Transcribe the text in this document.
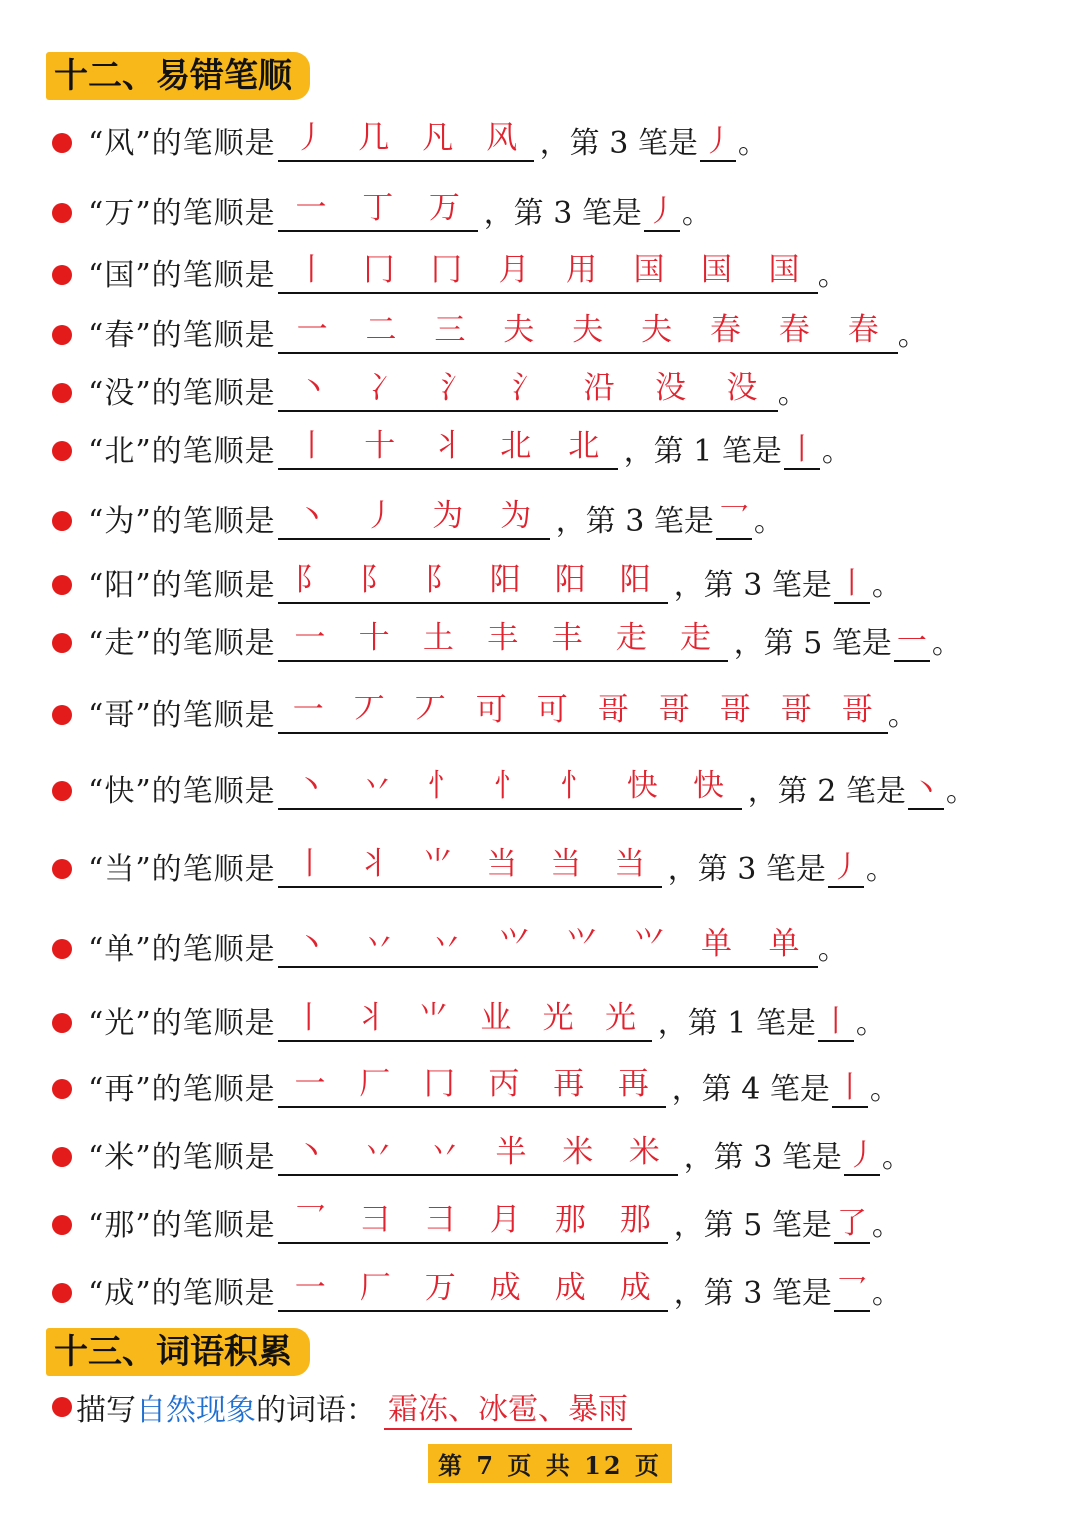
十二、易错笔顺
“风”的笔顺是 丿	几	凡	风 ，第 3 笔是 丿 。
“万”的笔顺是 一	丁	万 ，第 3 笔是 丿 。
“国”的笔顺是 丨	冂	冂	月	用	国	国	国 。
“春”的笔顺是 一	二	三	夫	夫	夫	春	春	春 。
“没”的笔顺是 丶	冫	氵	氵	沿	没	没 。
“北”的笔顺是 丨	十	丬	北	北 ，第 1 笔是 丨 。
“为”的笔顺是 丶	丿	为	为 ，第 3 笔是 乛 。
“阳”的笔顺是 阝	阝	阝	阳	阳	阳 ，第 3 笔是 丨 。
“走”的笔顺是 一	十	土	丰	丰	走	走 ，第 5 笔是 一 。
“哥”的笔顺是 一 丆 丆 可 可 哥 哥 哥 哥 哥 。
“快”的笔顺是 丶	丷	忄	忄	忄	快	快 ，第 2 笔是 丶 。
“当”的笔顺是 丨	丬	⺌	当	当	当 ，第 3 笔是 丿 。
“单”的笔顺是 丶	丷	丷	⺍	⺍	⺍	单	单 。
“光”的笔顺是 丨	丬	⺌	业	光	光 ，第 1 笔是 丨 。
“再”的笔顺是 一	厂	冂	丙	再	再 ，第 4 笔是 丨 。
“米”的笔顺是 丶	丷	丷	半	米	米 ，第 3 笔是 丿 。
“那”的笔顺是 乛	彐	彐	月	那	那 ，第 5 笔是 了 。
“成”的笔顺是 一	厂	万	成	成	成 ，第 3 笔是 乛 。
十三、词语积累
描写 自然现象 的词语： 霜冻、冰雹、暴雨
第 7 页 共 12 页
